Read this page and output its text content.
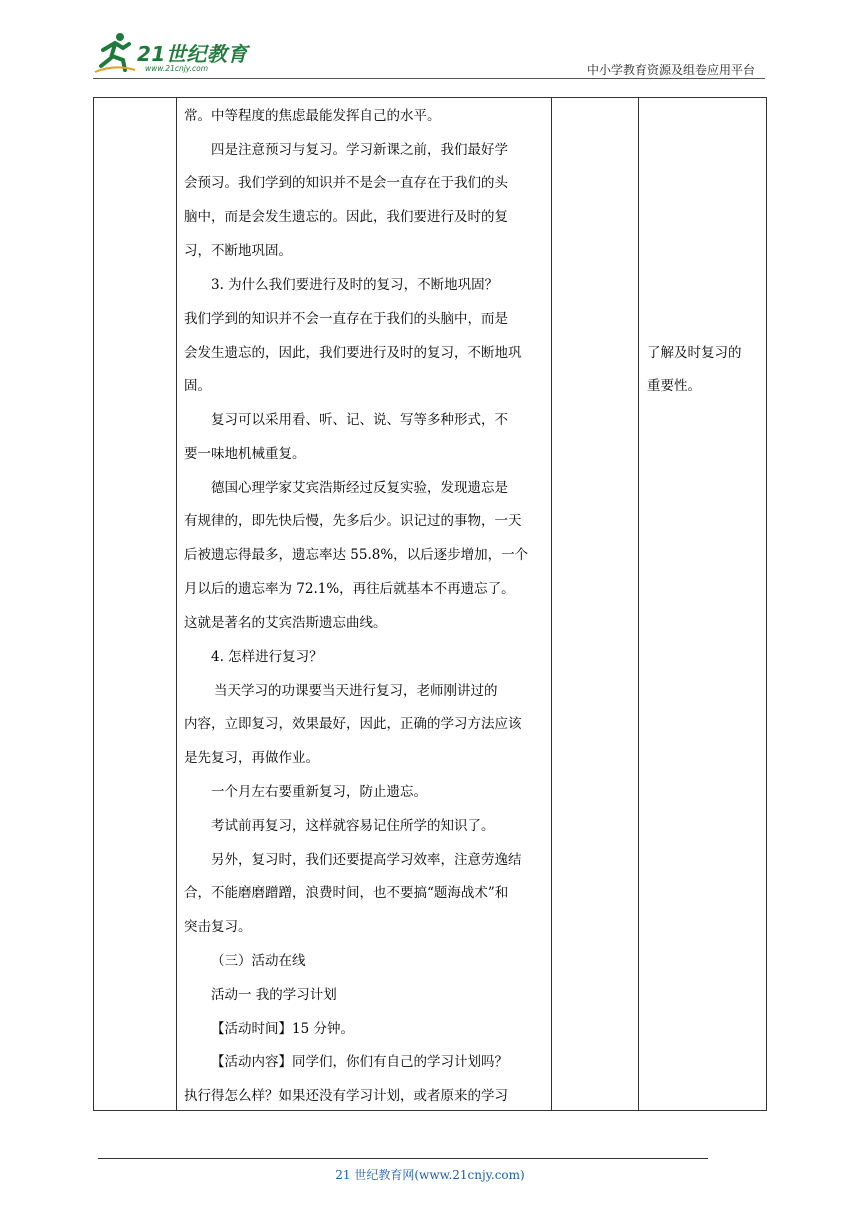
21世纪教育
www.21cnjy.com	中小学教育资源及组卷应用平台
常。中等程度的焦虑最能发挥自己的水平。
四是注意预习与复习。学习新课之前，我们最好学
会预习。我们学到的知识并不是会一直存在于我们的头
脑中，而是会发生遗忘的。因此，我们要进行及时的复
习，不断地巩固。
3. 为什么我们要进行及时的复习，不断地巩固？
我们学到的知识并不会一直存在于我们的头脑中，而是
会发生遗忘的，因此，我们要进行及时的复习，不断地巩
固。
复习可以采用看、听、记、说、写等多种形式，不
要一味地机械重复。
德国心理学家艾宾浩斯经过反复实验，发现遗忘是
有规律的，即先快后慢，先多后少。识记过的事物，一天
后被遗忘得最多，遗忘率达 55.8%，以后逐步增加，一个
月以后的遗忘率为 72.1%，再往后就基本不再遗忘了。
这就是著名的艾宾浩斯遗忘曲线。
4. 怎样进行复习？
当天学习的功课要当天进行复习，老师刚讲过的
内容，立即复习，效果最好，因此，正确的学习方法应该
是先复习，再做作业。
一个月左右要重新复习，防止遗忘。
考试前再复习，这样就容易记住所学的知识了。
另外，复习时，我们还要提高学习效率，注意劳逸结
合，不能磨磨蹭蹭，浪费时间，也不要搞“题海战术”和
突击复习。
（三）活动在线
活动一 我的学习计划
【活动时间】15 分钟。
【活动内容】同学们，你们有自己的学习计划吗？
执行得怎么样？如果还没有学习计划，或者原来的学习
了解及时复习的
重要性。
21 世纪教育网(www.21cnjy.com)
